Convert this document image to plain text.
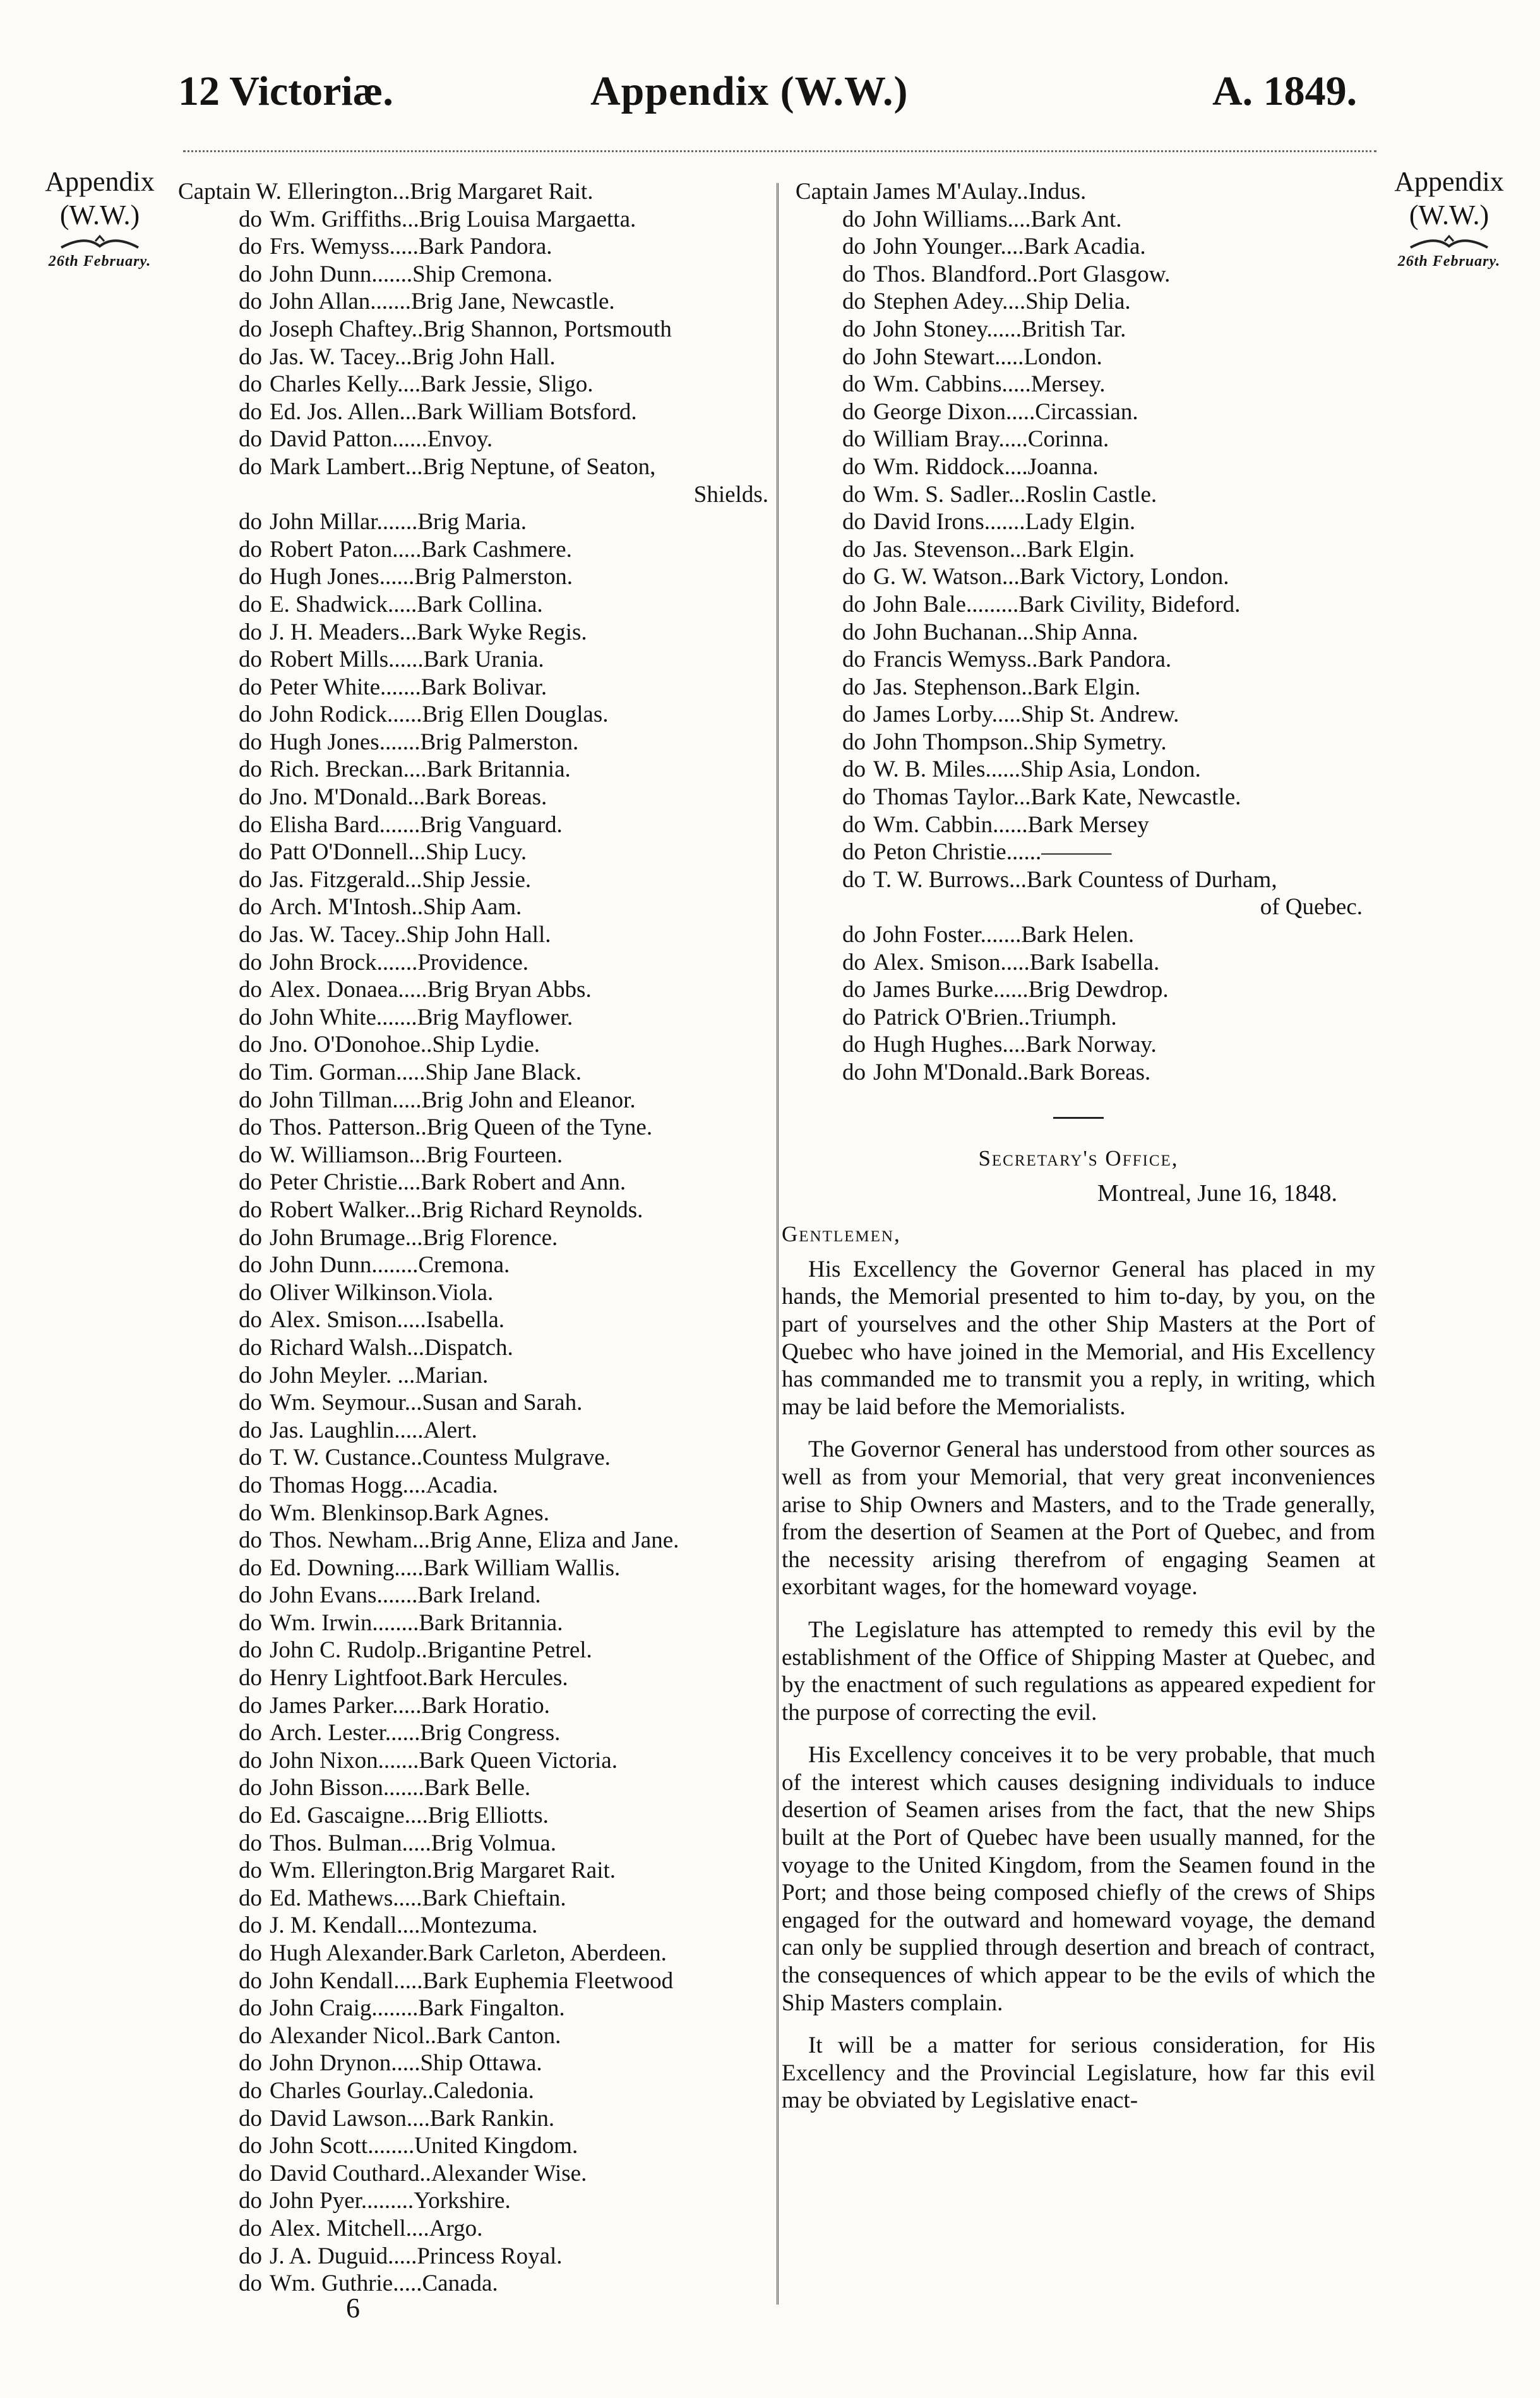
12 Victoriæ.	Appendix (W.W.)	A. 1849.
Appendix
(W.W.)
26th February.
Appendix
(W.W.)
26th February.
Captain W. Ellerington...Brig Margaret Rait.
do Wm. Griffiths...Brig Louisa Margaetta.
do Frs. Wemyss.....Bark Pandora.
do John Dunn.......Ship Cremona.
do John Allan.......Brig Jane, Newcastle.
do Joseph Chaftey..Brig Shannon, Portsmouth
do Jas. W. Tacey...Brig John Hall.
do Charles Kelly....Bark Jessie, Sligo.
do Ed. Jos. Allen...Bark William Botsford.
do David Patton......Envoy.
do Mark Lambert...Brig Neptune, of Seaton,
Shields.
do John Millar.......Brig Maria.
do Robert Paton.....Bark Cashmere.
do Hugh Jones......Brig Palmerston.
do E. Shadwick.....Bark Collina.
do J. H. Meaders...Bark Wyke Regis.
do Robert Mills......Bark Urania.
do Peter White.......Bark Bolivar.
do John Rodick......Brig Ellen Douglas.
do Hugh Jones.......Brig Palmerston.
do Rich. Breckan....Bark Britannia.
do Jno. M'Donald...Bark Boreas.
do Elisha Bard.......Brig Vanguard.
do Patt O'Donnell...Ship Lucy.
do Jas. Fitzgerald...Ship Jessie.
do Arch. M'Intosh..Ship Aam.
do Jas. W. Tacey..Ship John Hall.
do John Brock.......Providence.
do Alex. Donaea.....Brig Bryan Abbs.
do John White.......Brig Mayflower.
do Jno. O'Donohoe..Ship Lydie.
do Tim. Gorman.....Ship Jane Black.
do John Tillman.....Brig John and Eleanor.
do Thos. Patterson..Brig Queen of the Tyne.
do W. Williamson...Brig Fourteen.
do Peter Christie....Bark Robert and Ann.
do Robert Walker...Brig Richard Reynolds.
do John Brumage...Brig Florence.
do John Dunn........Cremona.
do Oliver Wilkinson.Viola.
do Alex. Smison.....Isabella.
do Richard Walsh...Dispatch.
do John Meyler. ...Marian.
do Wm. Seymour...Susan and Sarah.
do Jas. Laughlin.....Alert.
do T. W. Custance..Countess Mulgrave.
do Thomas Hogg....Acadia.
do Wm. Blenkinsop.Bark Agnes.
do Thos. Newham...Brig Anne, Eliza and Jane.
do Ed. Downing.....Bark William Wallis.
do John Evans.......Bark Ireland.
do Wm. Irwin........Bark Britannia.
do John C. Rudolp..Brigantine Petrel.
do Henry Lightfoot.Bark Hercules.
do James Parker.....Bark Horatio.
do Arch. Lester......Brig Congress.
do John Nixon.......Bark Queen Victoria.
do John Bisson.......Bark Belle.
do Ed. Gascaigne....Brig Elliotts.
do Thos. Bulman.....Brig Volmua.
do Wm. Ellerington.Brig Margaret Rait.
do Ed. Mathews.....Bark Chieftain.
do J. M. Kendall....Montezuma.
do Hugh Alexander.Bark Carleton, Aberdeen.
do John Kendall.....Bark Euphemia Fleetwood
do John Craig........Bark Fingalton.
do Alexander Nicol..Bark Canton.
do John Drynon.....Ship Ottawa.
do Charles Gourlay..Caledonia.
do David Lawson....Bark Rankin.
do John Scott........United Kingdom.
do David Couthard..Alexander Wise.
do John Pyer.........Yorkshire.
do Alex. Mitchell....Argo.
do J. A. Duguid.....Princess Royal.
do Wm. Guthrie.....Canada.
Captain James M'Aulay..Indus.
do John Williams....Bark Ant.
do John Younger....Bark Acadia.
do Thos. Blandford..Port Glasgow.
do Stephen Adey....Ship Delia.
do John Stoney......British Tar.
do John Stewart.....London.
do Wm. Cabbins.....Mersey.
do George Dixon.....Circassian.
do William Bray.....Corinna.
do Wm. Riddock....Joanna.
do Wm. S. Sadler...Roslin Castle.
do David Irons.......Lady Elgin.
do Jas. Stevenson...Bark Elgin.
do G. W. Watson...Bark Victory, London.
do John Bale.........Bark Civility, Bideford.
do John Buchanan...Ship Anna.
do Francis Wemyss..Bark Pandora.
do Jas. Stephenson..Bark Elgin.
do James Lorby.....Ship St. Andrew.
do John Thompson..Ship Symetry.
do W. B. Miles......Ship Asia, London.
do Thomas Taylor...Bark Kate, Newcastle.
do Wm. Cabbin......Bark Mersey
do Peton Christie......———
do T. W. Burrows...Bark Countess of Durham,
of Quebec.
do John Foster.......Bark Helen.
do Alex. Smison.....Bark Isabella.
do James Burke......Brig Dewdrop.
do Patrick O'Brien..Triumph.
do Hugh Hughes....Bark Norway.
do John M'Donald..Bark Boreas.
Secretary's Office,
Montreal, June 16, 1848.
Gentlemen,

His Excellency the Governor General has placed in my hands, the Memorial presented to him to-day, by you, on the part of yourselves and the other Ship Masters at the Port of Quebec who have joined in the Memorial, and His Excellency has commanded me to transmit you a reply, in writing, which may be laid before the Memorialists.

The Governor General has understood from other sources as well as from your Memorial, that very great inconveniences arise to Ship Owners and Masters, and to the Trade generally, from the desertion of Seamen at the Port of Quebec, and from the necessity arising therefrom of engaging Seamen at exorbitant wages, for the homeward voyage.

The Legislature has attempted to remedy this evil by the establishment of the Office of Shipping Master at Quebec, and by the enactment of such regulations as appeared expedient for the purpose of correcting the evil.

His Excellency conceives it to be very probable, that much of the interest which causes designing individuals to induce desertion of Seamen arises from the fact, that the new Ships built at the Port of Quebec have been usually manned, for the voyage to the United Kingdom, from the Seamen found in the Port; and those being composed chiefly of the crews of Ships engaged for the outward and homeward voyage, the demand can only be supplied through desertion and breach of contract, the consequences of which appear to be the evils of which the Ship Masters complain.

It will be a matter for serious consideration, for His Excellency and the Provincial Legislature, how far this evil may be obviated by Legislative enact-

6
